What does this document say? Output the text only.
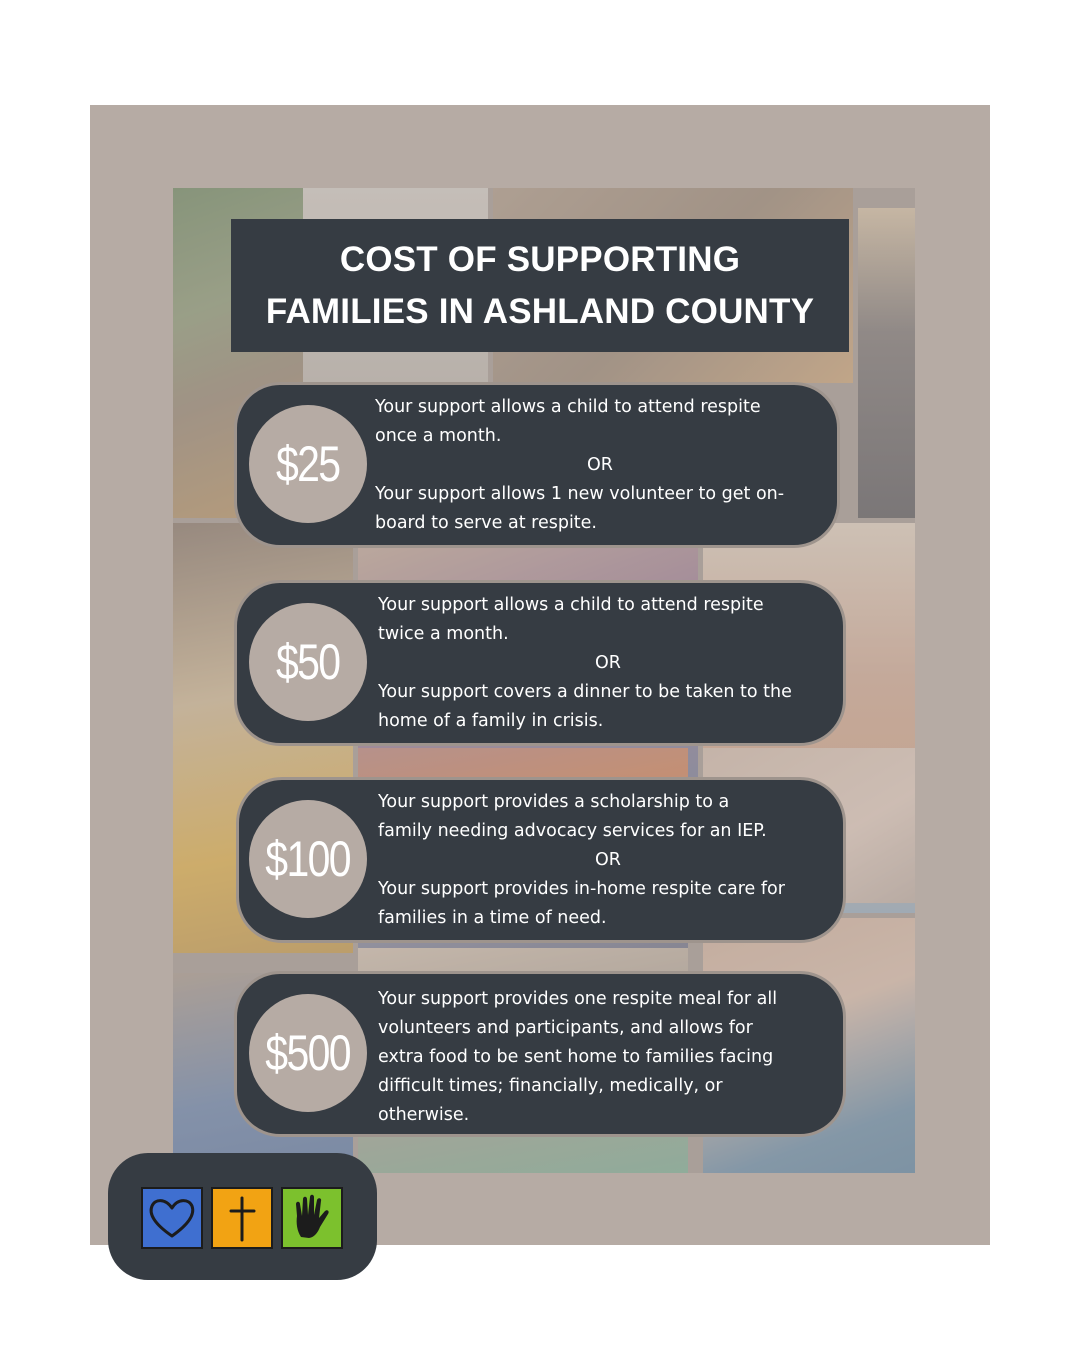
COST OF SUPPORTING
FAMILIES IN ASHLAND COUNTY
$25
Your support allows a child to attend respite
once a month.
OR
Your support allows 1 new volunteer to get on-
board to serve at respite.
$50
Your support allows a child to attend respite
twice a month.
OR
Your support covers a dinner to be taken to the
home of a family in crisis.
$100
Your support provides a scholarship to a
family needing advocacy services for an IEP.
OR
Your support provides in-home respite care for
families in a time of need.
$500
Your support provides one respite meal for all
volunteers and participants, and allows for
extra food to be sent home to families facing
difficult times; financially, medically, or
otherwise.
